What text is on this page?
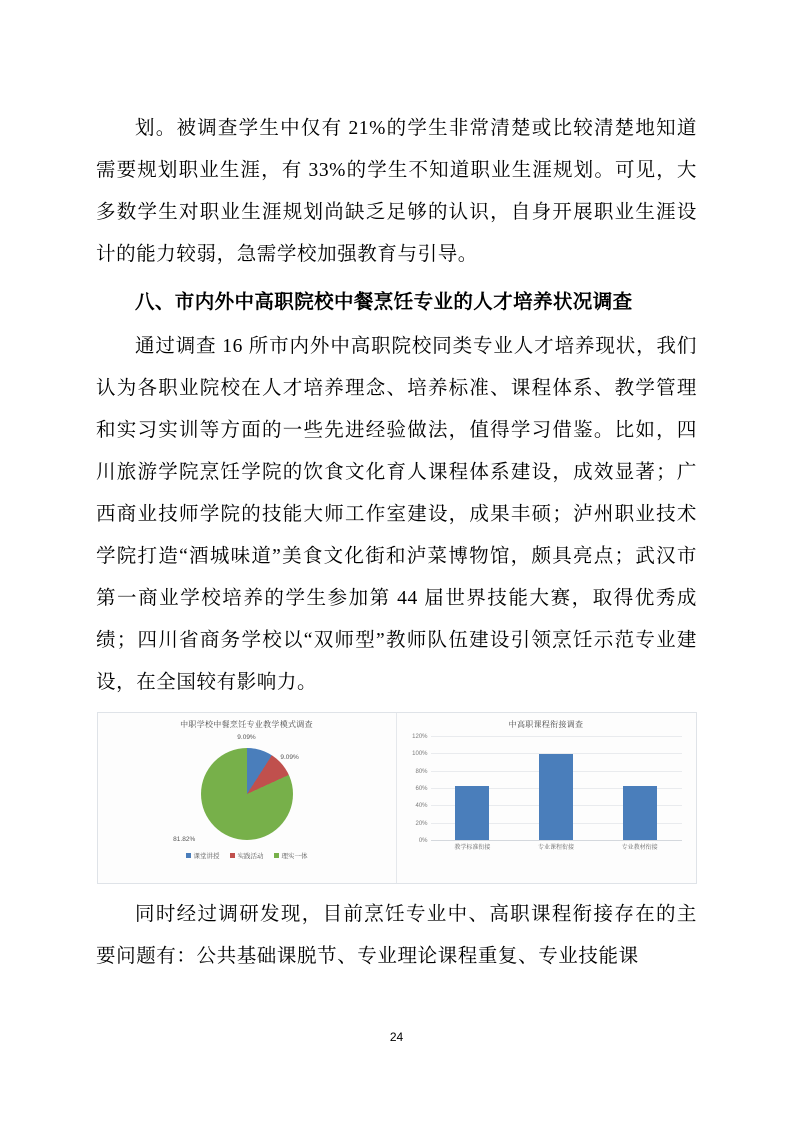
划。被调查学生中仅有 21%的学生非常清楚或比较清楚地知道需要规划职业生涯，有 33%的学生不知道职业生涯规划。可见，大多数学生对职业生涯规划尚缺乏足够的认识，自身开展职业生涯设计的能力较弱，急需学校加强教育与引导。

八、市内外中高职院校中餐烹饪专业的人才培养状况调查

通过调查 16 所市内外中高职院校同类专业人才培养现状，我们认为各职业院校在人才培养理念、培养标准、课程体系、教学管理和实习实训等方面的一些先进经验做法，值得学习借鉴。比如，四川旅游学院烹饪学院的饮食文化育人课程体系建设，成效显著；广西商业技师学院的技能大师工作室建设，成果丰硕；泸州职业技术学院打造“酒城味道”美食文化街和泸菜博物馆，颇具亮点；武汉市第一商业学校培养的学生参加第 44 届世界技能大赛，取得优秀成绩；四川省商务学校以“双师型”教师队伍建设引领烹饪示范专业建设，在全国较有影响力。

中职学校中餐烹饪专业教学模式调查
9.09%
9.09%
81.82%
课堂讲授	实践活动	理实一体
中高职课程衔接调查
120%
100%
80%
60%
40%
20%
0%
教学标准衔接	专业课程衔接	专业教材衔接

同时经过调研发现，目前烹饪专业中、高职课程衔接存在的主要问题有：公共基础课脱节、专业理论课程重复、专业技能课

24
